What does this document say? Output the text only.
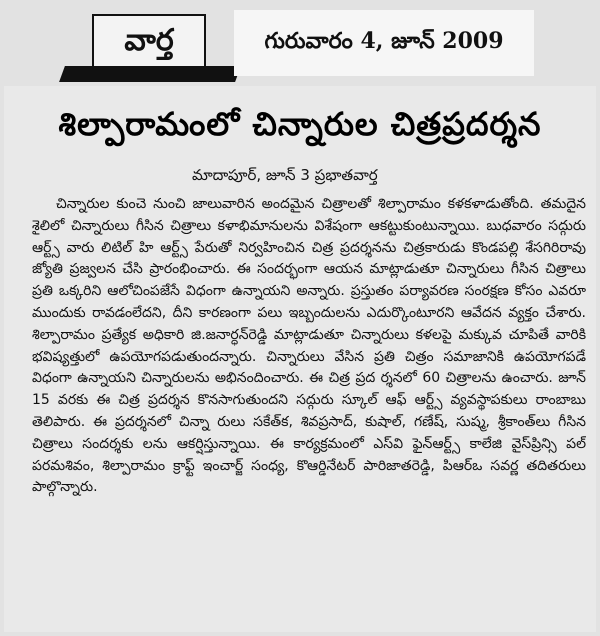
వార్త	గురువారం 4, జూన్ 2009
శిల్పారామంలో చిన్నారుల చిత్రప్రదర్శన
మాదాపూర్, జూన్ 3 ప్రభాతవార్త

చిన్నారుల కుంచె నుంచి జాలువారిన అందమైన చిత్రాలతో శిల్పారామం కళకళాడుతోంది. తమదైన శైలిలో చిన్నారులు గీసిన చిత్రాలు కళాభిమానులను విశేషంగా ఆకట్టుకుంటున్నాయి. బుధవారం సద్గురు ఆర్ట్స్ వారు లిటిల్ హి ఆర్ట్స్ పేరుతో నిర్వహించిన చిత్ర ప్రదర్శనను చిత్రకారుడు కొండపల్లి శేసగిరిరావు జ్యోతి ప్రజ్వలన చేసి ప్రారంభించారు. ఈ సందర్భంగా ఆయన మాట్లాడుతూ చిన్నారులు గీసిన చిత్రాలు ప్రతి ఒక్కరిని ఆలోచింపజేసే విధంగా ఉన్నాయని అన్నారు. ప్రస్తుతం పర్యావరణ సంరక్షణ కోసం ఎవరూ ముందుకు రావడంలేదని, దీని కారణంగా పలు ఇబ్బందులను ఎదుర్కొంటూరని ఆవేదన వ్యక్తం చేశారు. శిల్పారామం ప్రత్యేక అధికారి జి.జనార్ధన్‌రెడ్డి మాట్లాడుతూ చిన్నారులు కళలపై మక్కువ చూపితే వారికి భవిష్యత్తులో ఉపయోగపడుతుందన్నారు. చిన్నారులు వేసిన ప్రతి చిత్రం సమాజానికి ఉపయోగపడే విధంగా ఉన్నాయని చిన్నారులను అభినందించారు. ఈ చిత్ర ప్రద ర్శనలో 60 చిత్రాలను ఉంచారు. జూన్ 15 వరకు ఈ చిత్ర ప్రదర్శన కొనసాగుతుందని సద్గురు స్కూల్ ఆఫ్ ఆర్ట్స్ వ్యవస్థాపకులు రాంబాబు తెలిపారు. ఈ ప్రదర్శనలో చిన్నా రులు సకేత్‌క, శివప్రసాద్, కుషాల్, గణేష్, సుష్మ, శ్రీకాంత్‌లు గీసిన చిత్రాలు సందర్శకు లను ఆకర్షిస్తున్నాయి. ఈ కార్యక్రమంలో ఎస్‌వి ఫైన్‌ఆర్ట్స్ కాలేజి వైస్‌ప్రిన్సి పల్ పరమశివం, శిల్పారామం క్రాఫ్ట్ ఇంచార్జ్ సంధ్య, కొఆర్డినేటర్ పారిజాతరెడ్డి, పిఆర్‌ఒ సవర్ణ తదితరులు పాల్గొన్నారు.
